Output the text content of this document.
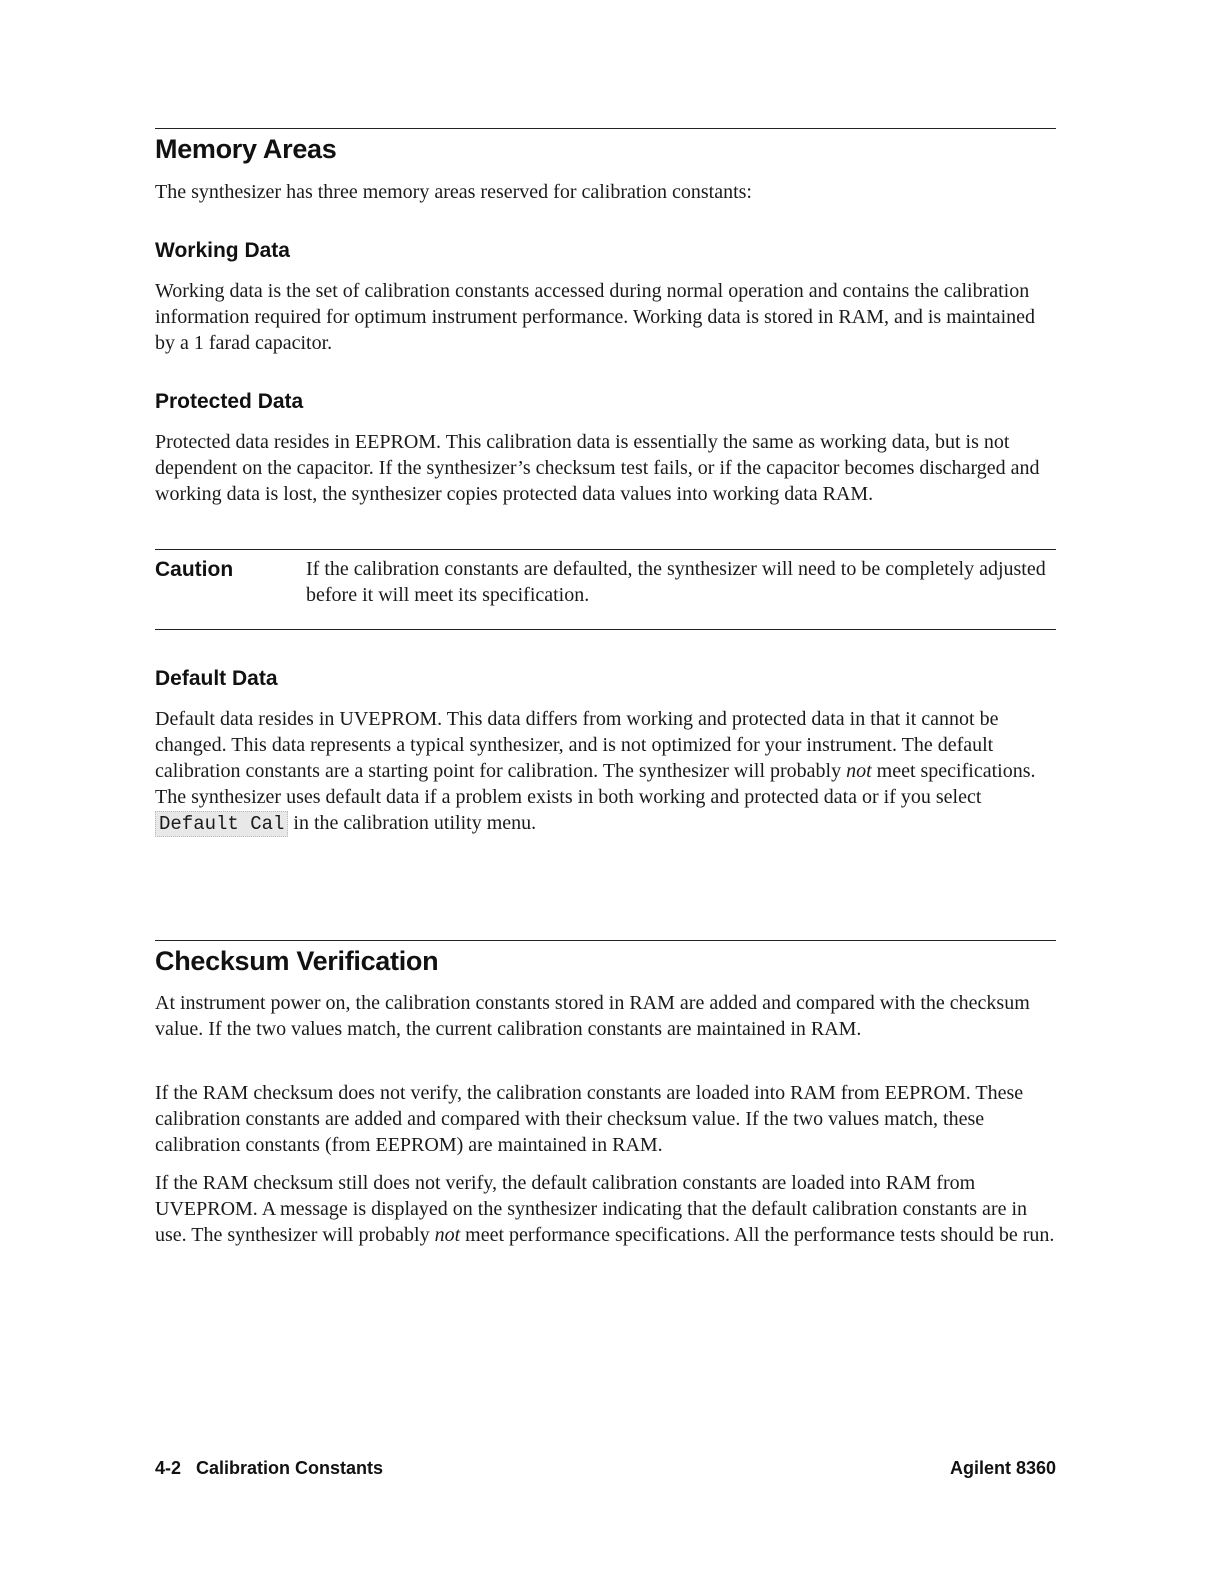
Memory Areas

The synthesizer has three memory areas reserved for calibration constants:

Working Data

Working data is the set of calibration constants accessed during normal operation and contains the calibration information required for optimum instrument performance. Working data is stored in RAM, and is maintained by a 1 farad capacitor.

Protected Data

Protected data resides in EEPROM. This calibration data is essentially the same as working data, but is not dependent on the capacitor. If the synthesizer’s checksum test fails, or if the capacitor becomes discharged and working data is lost, the synthesizer copies protected data values into working data RAM.

Caution	If the calibration constants are defaulted, the synthesizer will need to be completely adjusted before it will meet its specification.

Default Data

Default data resides in UVEPROM. This data differs from working and protected data in that it cannot be changed. This data represents a typical synthesizer, and is not optimized for your instrument. The default calibration constants are a starting point for calibration. The synthesizer will probably not meet specifications. The synthesizer uses default data if a problem exists in both working and protected data or if you select Default Cal in the calibration utility menu.

Checksum Verification

At instrument power on, the calibration constants stored in RAM are added and compared with the checksum value. If the two values match, the current calibration constants are maintained in RAM.

If the RAM checksum does not verify, the calibration constants are loaded into RAM from EEPROM. These calibration constants are added and compared with their checksum value. If the two values match, these calibration constants (from EEPROM) are maintained in RAM.

If the RAM checksum still does not verify, the default calibration constants are loaded into RAM from UVEPROM. A message is displayed on the synthesizer indicating that the default calibration constants are in use. The synthesizer will probably not meet performance specifications. All the performance tests should be run.

4-2 Calibration Constants	Agilent 8360
